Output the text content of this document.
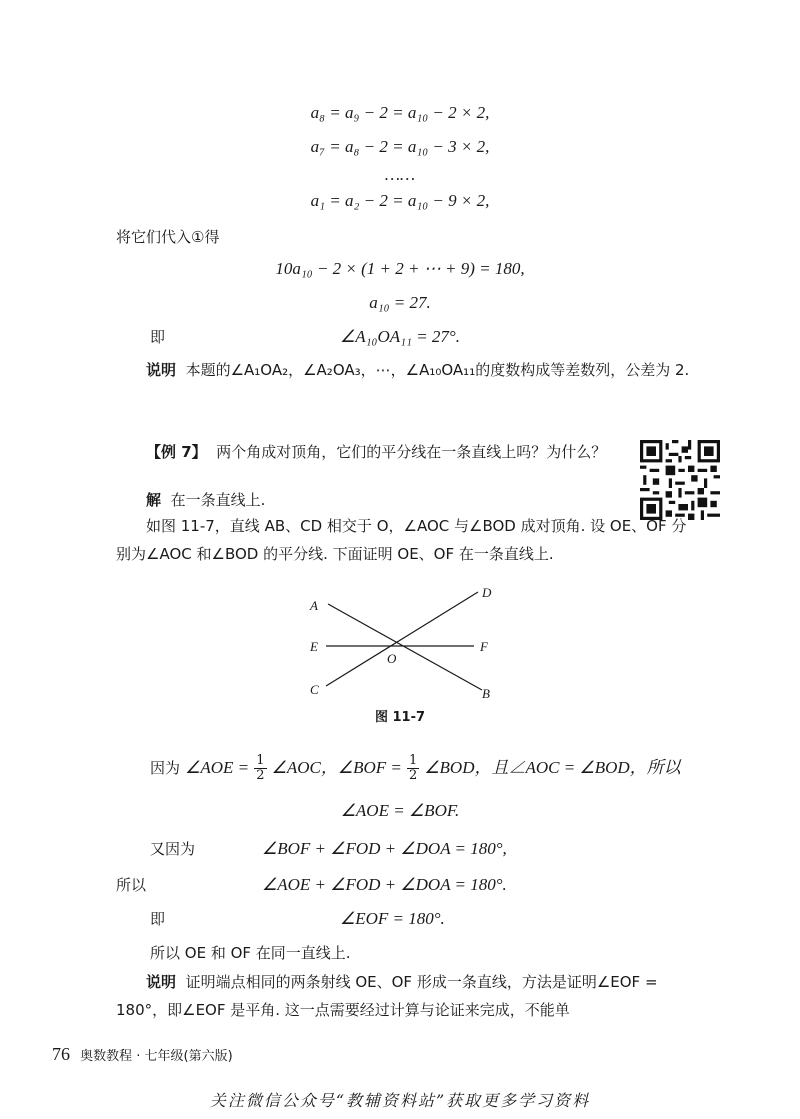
a₈ = a₉ − 2 = a₁₀ − 2 × 2,
a₇ = a₈ − 2 = a₁₀ − 3 × 2,
……
a₁ = a₂ − 2 = a₁₀ − 9 × 2,
将它们代入①得
10a₁₀ − 2 × (1 + 2 + ⋯ + 9) = 180,
a₁₀ = 27.
即	∠A₁₀OA₁₁ = 27°.
说明 本题的∠A₁OA₂，∠A₂OA₃，⋯，∠A₁₀OA₁₁的度数构成等差数列，公差为 2.
【例 7】 两个角成对顶角，它们的平分线在一条直线上吗？为什么？
解 在一条直线上.
如图 11-7，直线 AB、CD 相交于 O，∠AOC 与∠BOD 成对顶角. 设 OE、OF 分别为∠AOC 和∠BOD 的平分线. 下面证明 OE、OF 在一条直线上.
A
D
E	F
O
C	B
图 11-7
因为 ∠AOE = $\frac{1}{2}$ ∠AOC，∠BOF = $\frac{1}{2}$ ∠BOD，且∠AOC = ∠BOD，所以
∠AOE = ∠BOF.
又因为	∠BOF + ∠FOD + ∠DOA = 180°,
所以	∠AOE + ∠FOD + ∠DOA = 180°.
即	∠EOF = 180°.
所以 OE 和 OF 在同一直线上.
说明 证明端点相同的两条射线 OE、OF 形成一条直线，方法是证明∠EOF = 180°，即∠EOF 是平角. 这一点需要经过计算与论证来完成，不能单
76 奥数教程 · 七年级(第六版)
关注微信公众号“教辅资料站”获取更多学习资料
